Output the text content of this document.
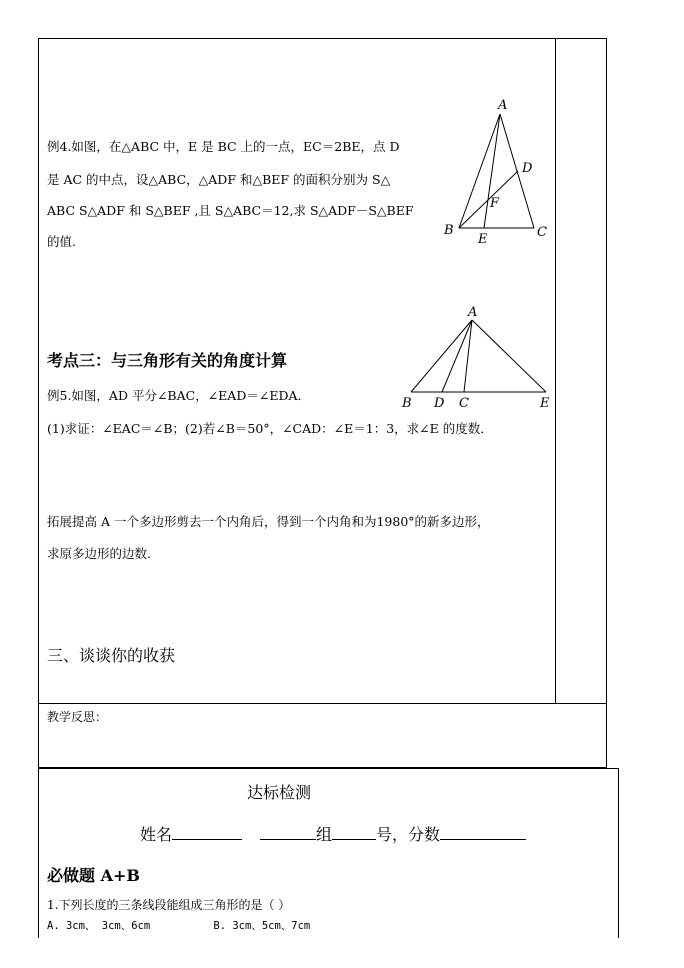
例4.如图，在△ABC 中，E 是 BC 上的一点，EC＝2BE，点 D
是 AC 的中点，设△ABC，△ADF 和△BEF 的面积分别为 S△
ABC S△ADF 和 S△BEF ,且 S△ABC＝12,求 S△ADF－S△BEF
的值.
A
B	C
D
E
F
考点三：与三角形有关的角度计算
例5.如图，AD 平分∠BAC，∠EAD＝∠EDA．
(1)求证：∠EAC＝∠B；(2)若∠B＝50°，∠CAD：∠E＝1：3，求∠E 的度数．
A
B D C	E
拓展提高 A 一个多边形剪去一个内角后，得到一个内角和为1980°的新多边形，
求原多边形的边数.
三、谈谈你的收获
教学反思：
达标检测
姓名	组	号，分数
必做题 A+B
1.下列长度的三条线段能组成三角形的是（ ）
A. 3cm、 3cm、6cm          B. 3cm、5cm、7cm
